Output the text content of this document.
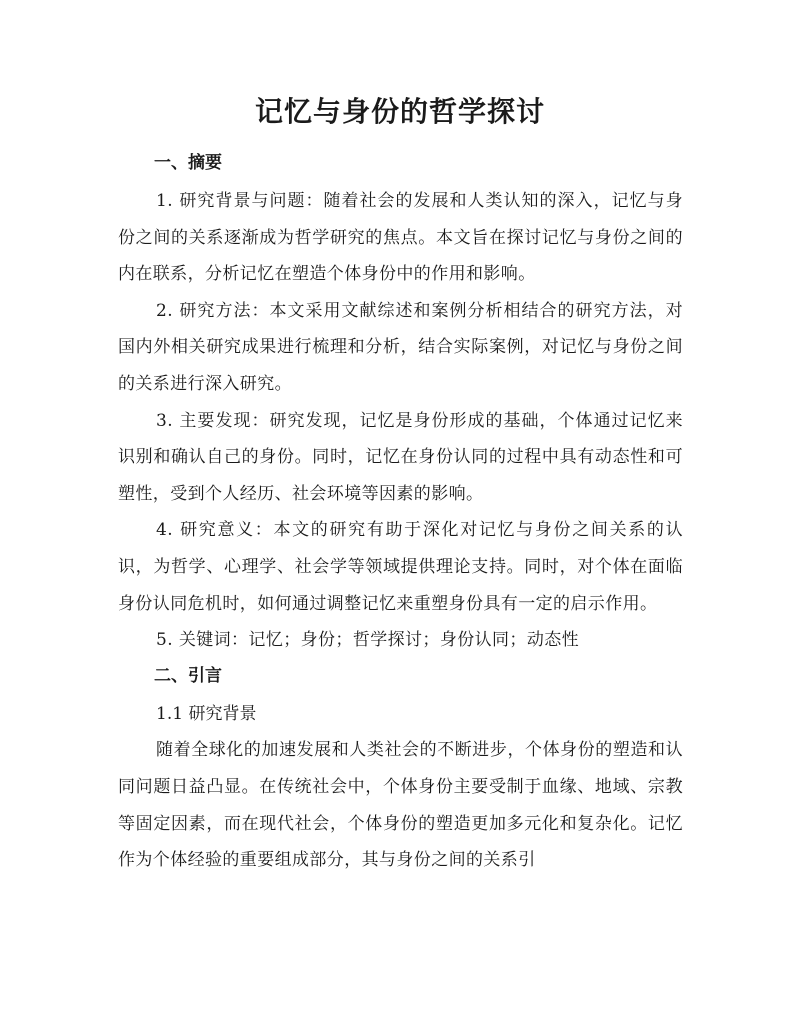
记忆与身份的哲学探讨

一、摘要

1. 研究背景与问题：随着社会的发展和人类认知的深入，记忆与身份之间的关系逐渐成为哲学研究的焦点。本文旨在探讨记忆与身份之间的内在联系，分析记忆在塑造个体身份中的作用和影响。

2. 研究方法：本文采用文献综述和案例分析相结合的研究方法，对国内外相关研究成果进行梳理和分析，结合实际案例，对记忆与身份之间的关系进行深入研究。

3. 主要发现：研究发现，记忆是身份形成的基础，个体通过记忆来识别和确认自己的身份。同时，记忆在身份认同的过程中具有动态性和可塑性，受到个人经历、社会环境等因素的影响。

4. 研究意义：本文的研究有助于深化对记忆与身份之间关系的认识，为哲学、心理学、社会学等领域提供理论支持。同时，对个体在面临身份认同危机时，如何通过调整记忆来重塑身份具有一定的启示作用。

5. 关键词：记忆；身份；哲学探讨；身份认同；动态性

二、引言

1.1 研究背景

随着全球化的加速发展和人类社会的不断进步，个体身份的塑造和认同问题日益凸显。在传统社会中，个体身份主要受制于血缘、地域、宗教等固定因素，而在现代社会，个体身份的塑造更加多元化和复杂化。记忆作为个体经验的重要组成部分，其与身份之间的关系引
